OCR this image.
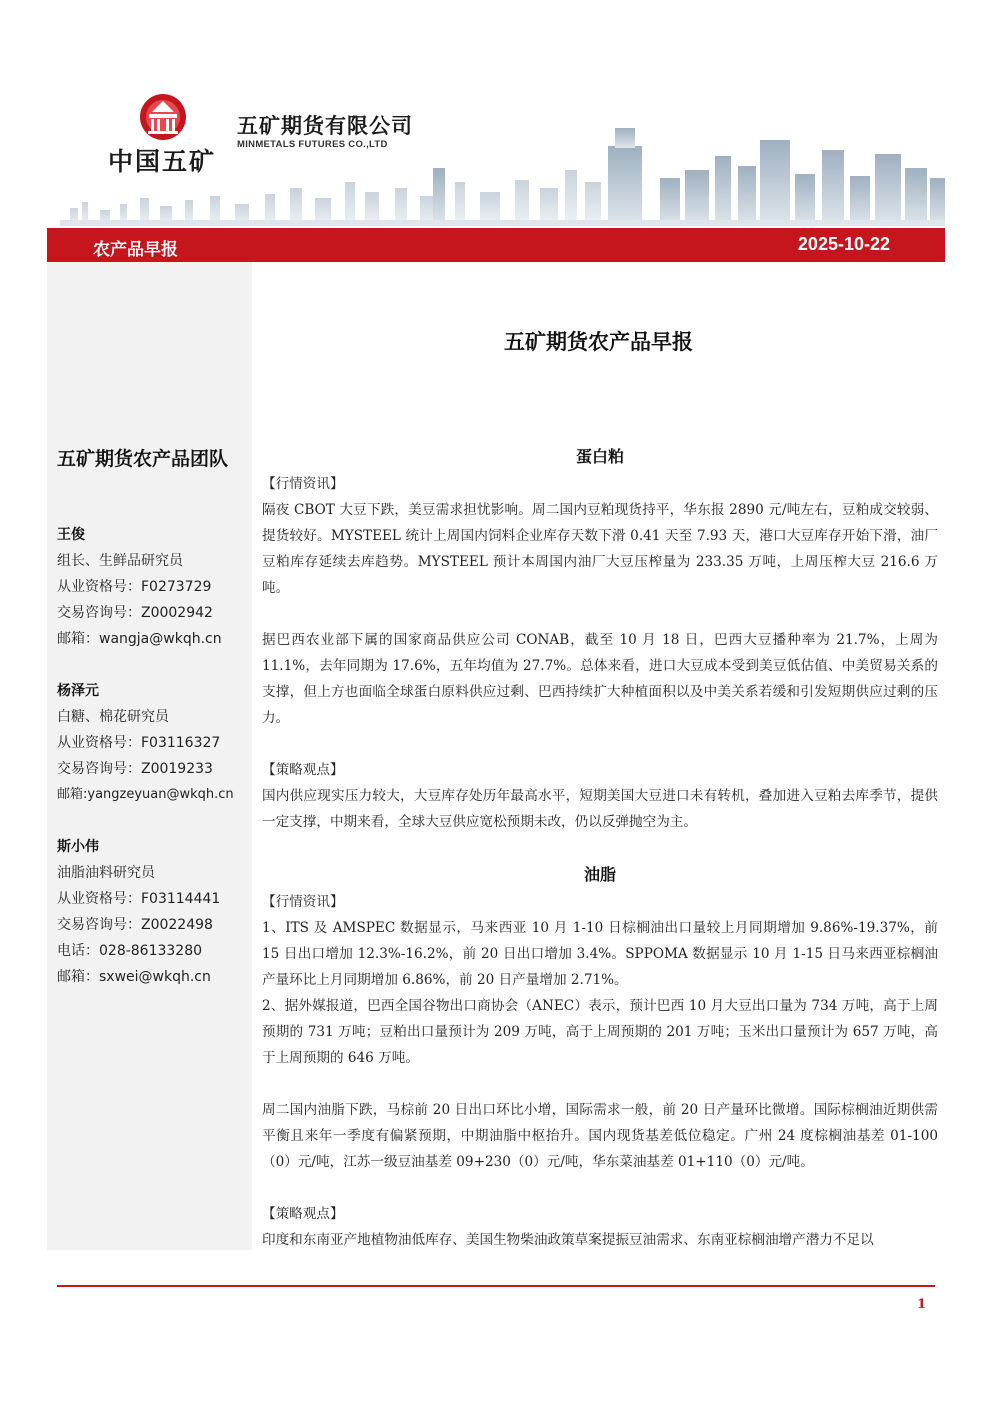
中国五矿
五矿期货有限公司
MINMETALS FUTURES CO.,LTD
农产品早报	2025-10-22
五矿期货农产品团队
王俊
组长、生鲜品研究员
从业资格号：F0273729
交易咨询号：Z0002942
邮箱：wangja@wkqh.cn
杨泽元
白糖、棉花研究员
从业资格号：F03116327
交易咨询号：Z0019233
邮箱:yangzeyuan@wkqh.cn
斯小伟
油脂油料研究员
从业资格号：F03114441
交易咨询号：Z0022498
电话：028-86133280
邮箱：sxwei@wkqh.cn
五矿期货农产品早报
蛋白粕
【行情资讯】
隔夜 CBOT 大豆下跌，美豆需求担忧影响。周二国内豆粕现货持平，华东报 2890 元/吨左右，豆粕成交较弱、提货较好。MYSTEEL 统计上周国内饲料企业库存天数下滑 0.41 天至 7.93 天，港口大豆库存开始下滑，油厂豆粕库存延续去库趋势。MYSTEEL 预计本周国内油厂大豆压榨量为 233.35 万吨，上周压榨大豆 216.6 万吨。
据巴西农业部下属的国家商品供应公司 CONAB，截至 10 月 18 日，巴西大豆播种率为 21.7%，上周为 11.1%，去年同期为 17.6%，五年均值为 27.7%。总体来看，进口大豆成本受到美豆低估值、中美贸易关系的支撑，但上方也面临全球蛋白原料供应过剩、巴西持续扩大种植面积以及中美关系若缓和引发短期供应过剩的压力。
【策略观点】
国内供应现实压力较大，大豆库存处历年最高水平，短期美国大豆进口未有转机，叠加进入豆粕去库季节，提供一定支撑，中期来看，全球大豆供应宽松预期未改，仍以反弹抛空为主。
油脂
【行情资讯】
1、ITS 及 AMSPEC 数据显示，马来西亚 10 月 1-10 日棕榈油出口量较上月同期增加 9.86%-19.37%，前 15 日出口增加 12.3%-16.2%，前 20 日出口增加 3.4%。SPPOMA 数据显示 10 月 1-15 日马来西亚棕榈油产量环比上月同期增加 6.86%，前 20 日产量增加 2.71%。
2、据外媒报道，巴西全国谷物出口商协会（ANEC）表示，预计巴西 10 月大豆出口量为 734 万吨，高于上周预期的 731 万吨；豆粕出口量预计为 209 万吨，高于上周预期的 201 万吨；玉米出口量预计为 657 万吨，高于上周预期的 646 万吨。
周二国内油脂下跌，马棕前 20 日出口环比小增，国际需求一般，前 20 日产量环比微增。国际棕榈油近期供需平衡且来年一季度有偏紧预期，中期油脂中枢抬升。国内现货基差低位稳定。广州 24 度棕榈油基差 01-100（0）元/吨，江苏一级豆油基差 09+230（0）元/吨，华东菜油基差 01+110（0）元/吨。
【策略观点】
印度和东南亚产地植物油低库存、美国生物柴油政策草案提振豆油需求、东南亚棕榈油增产潜力不足以
1
